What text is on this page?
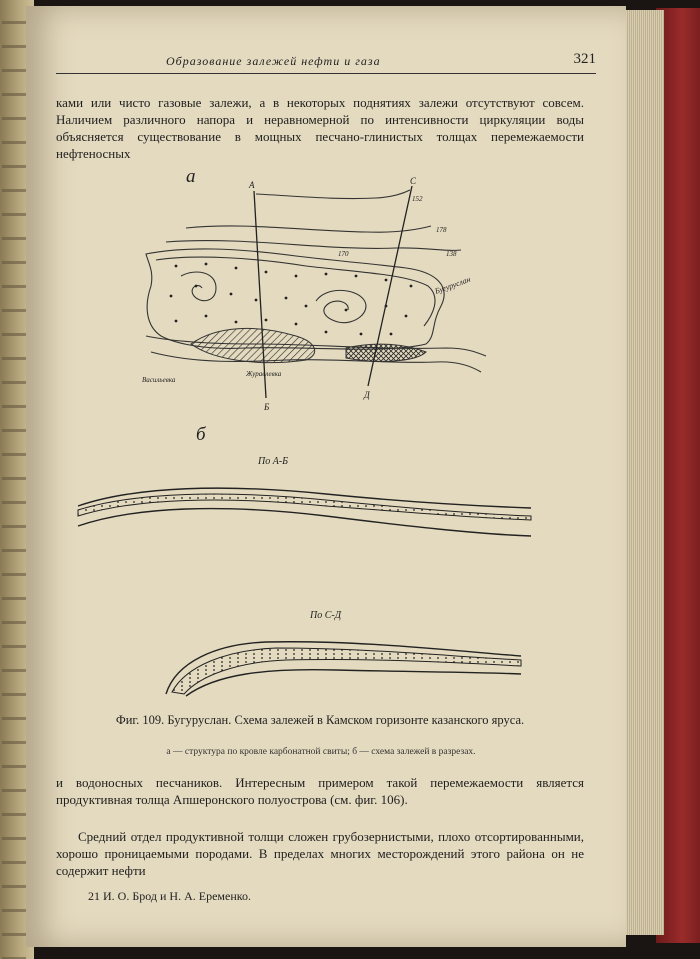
Образование залежей нефти и газа	321

ками или чисто газовые залежи, а в некоторых поднятиях залежи отсутствуют совсем. Наличием различного напора и неравномерной по интенсивности циркуляции воды объясняется существование в мощных песчано-глинистых толщах перемежаемости нефтеносных

а	А
Б
С
Д
152
178
138
170
Бугуруслан
Васильевка
Журавлевка
б
По А-Б
По С-Д

Фиг. 109. Бугуруслан. Схема залежей в Камском горизонте казанского яруса.

а — структура по кровле карбонатной свиты; б — схема залежей в разрезах.

и водоносных песчаников. Интересным примером такой перемежаемости является продуктивная толща Апшеронского полуострова (см. фиг. 106).

Средний отдел продуктивной толщи сложен грубозернистыми, плохо отсортированными, хорошо проницаемыми породами. В пределах многих месторождений этого района он не содержит нефти

21 И. О. Брод и Н. А. Еременко.
